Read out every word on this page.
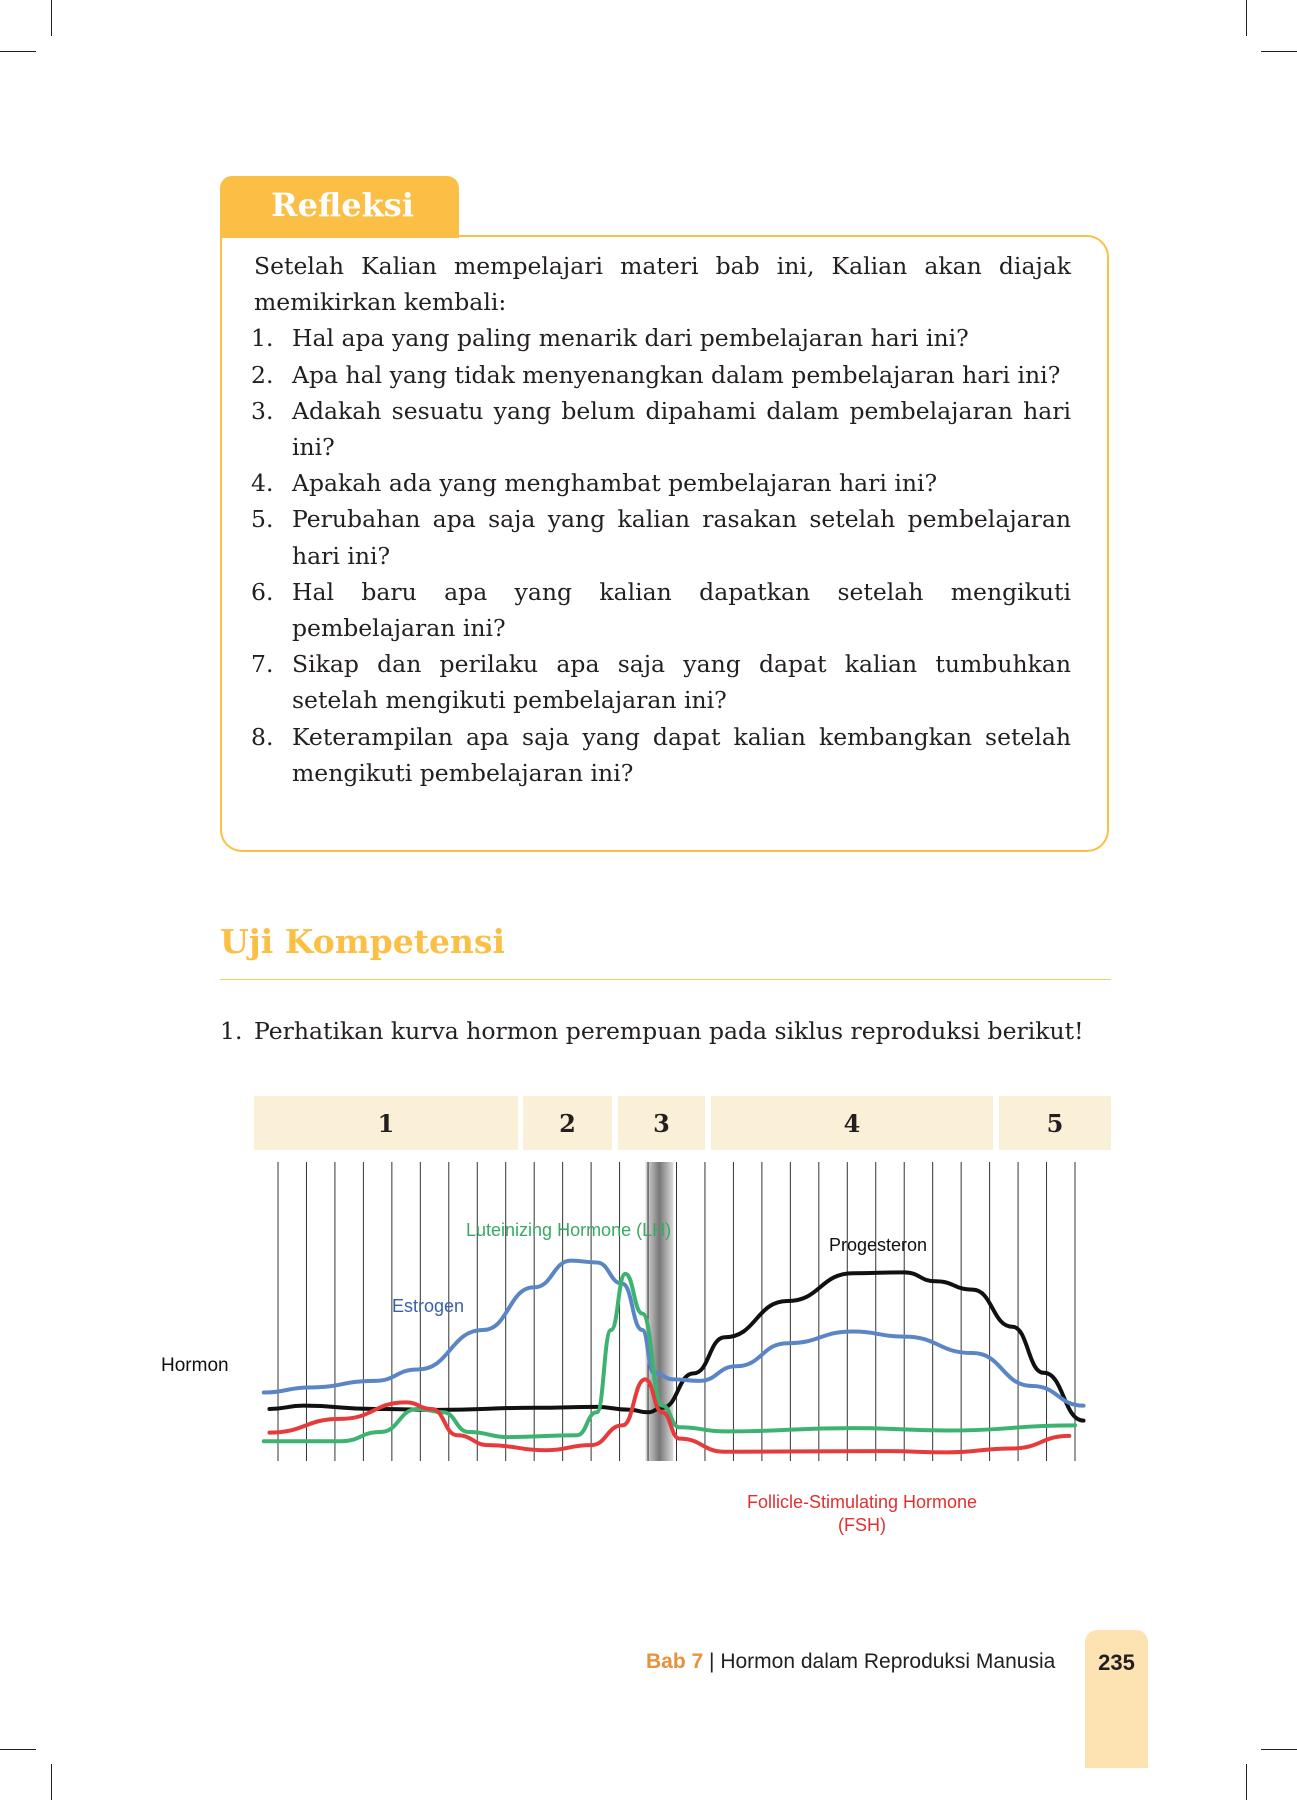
Refleksi

Setelah Kalian mempelajari materi bab ini, Kalian akan diajak memikirkan kembali:

1. Hal apa yang paling menarik dari pembelajaran hari ini?
2. Apa hal yang tidak menyenangkan dalam pembelajaran hari ini?
3. Adakah sesuatu yang belum dipahami dalam pembelajaran hari ini?
4. Apakah ada yang menghambat pembelajaran hari ini?
5. Perubahan apa saja yang kalian rasakan setelah pembelajaran hari ini?
6. Hal baru apa yang kalian dapatkan setelah mengikuti pembelajaran ini?
7. Sikap dan perilaku apa saja yang dapat kalian tumbuhkan setelah mengikuti pembelajaran ini?
8. Keterampilan apa saja yang dapat kalian kembangkan setelah mengikuti pembelajaran ini?
Uji Kompetensi
1. Perhatikan kurva hormon perempuan pada siklus reproduksi berikut!
1	2	3	4	5
Hormon
Luteinizing Hormone (LH)
Estrogen
Progesteron
Follicle-Stimulating Hormone
(FSH)
Bab 7 | Hormon dalam Reproduksi Manusia	235
